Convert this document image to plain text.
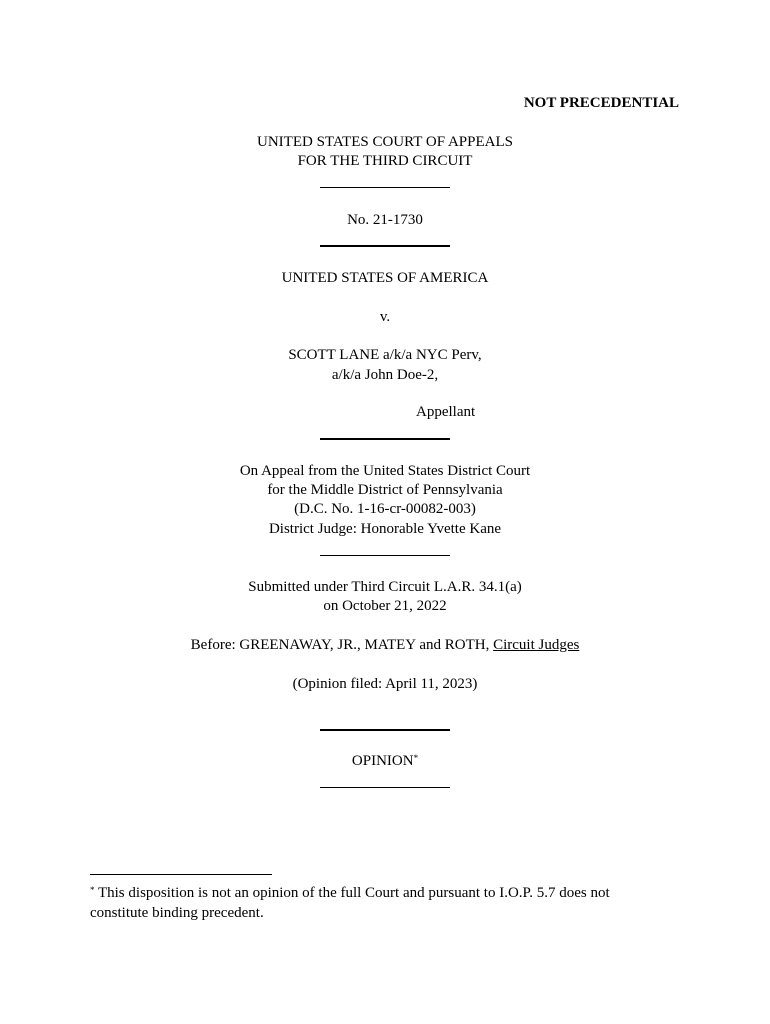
NOT PRECEDENTIAL
UNITED STATES COURT OF APPEALS
FOR THE THIRD CIRCUIT
No. 21-1730
UNITED STATES OF AMERICA
v.
SCOTT LANE a/k/a NYC Perv,
a/k/a John Doe-2,
Appellant
On Appeal from the United States District Court
for the Middle District of Pennsylvania
(D.C. No. 1-16-cr-00082-003)
District Judge: Honorable Yvette Kane
Submitted under Third Circuit L.A.R. 34.1(a)
on October 21, 2022
Before: GREENAWAY, JR., MATEY and ROTH, Circuit Judges
(Opinion filed: April 11, 2023)
OPINION*
* This disposition is not an opinion of the full Court and pursuant to I.O.P. 5.7 does not
constitute binding precedent.
